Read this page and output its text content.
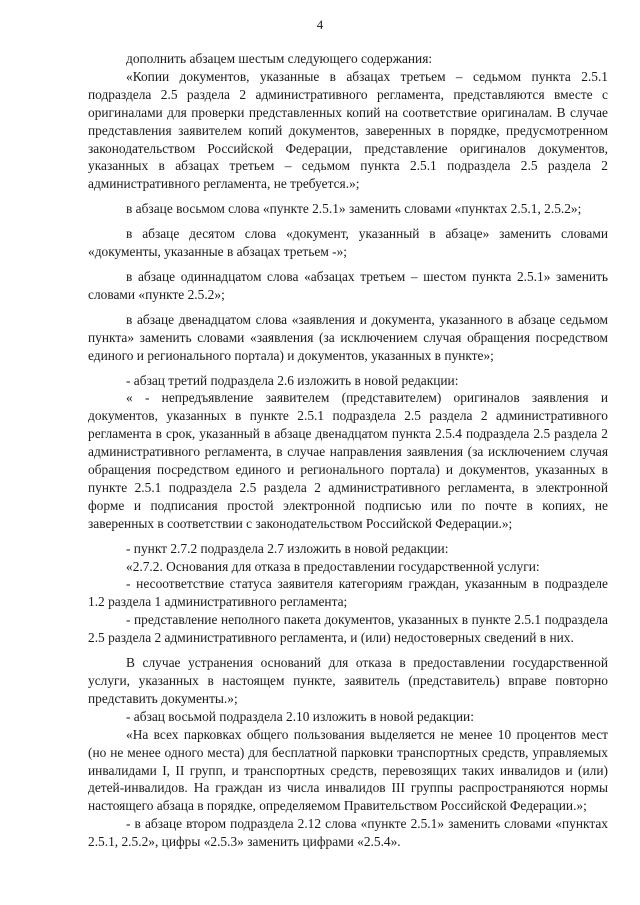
4

дополнить абзацем шестым следующего содержания:

«Копии документов, указанные в абзацах третьем – седьмом пункта 2.5.1 подраздела 2.5 раздела 2 административного регламента, представляются вместе с оригиналами для проверки представленных копий на соответствие оригиналам. В случае представления заявителем копий документов, заверенных в порядке, предусмотренном законодательством Российской Федерации, представление оригиналов документов, указанных в абзацах третьем – седьмом пункта 2.5.1 подраздела 2.5 раздела 2 административного регламента, не требуется.»;

в абзаце восьмом слова «пункте 2.5.1» заменить словами «пунктах 2.5.1, 2.5.2»;

в абзаце десятом слова «документ, указанный в абзаце» заменить словами «документы, указанные в абзацах третьем -»;

в абзаце одиннадцатом слова «абзацах третьем – шестом пункта 2.5.1» заменить словами «пункте 2.5.2»;

в абзаце двенадцатом слова «заявления и документа, указанного в абзаце седьмом пункта» заменить словами «заявления (за исключением случая обращения посредством единого и регионального портала) и документов, указанных в пункте»;

- абзац третий подраздела 2.6 изложить в новой редакции:

« - непредъявление заявителем (представителем) оригиналов заявления и документов, указанных в пункте 2.5.1 подраздела 2.5 раздела 2 административного регламента в срок, указанный в абзаце двенадцатом пункта 2.5.4 подраздела 2.5 раздела 2 административного регламента, в случае направления заявления (за исключением случая обращения посредством единого и регионального портала) и документов, указанных в пункте 2.5.1 подраздела 2.5 раздела 2 административного регламента, в электронной форме и подписания простой электронной подписью или по почте в копиях, не заверенных в соответствии с законодательством Российской Федерации.»;

- пункт 2.7.2 подраздела 2.7 изложить в новой редакции:

«2.7.2. Основания для отказа в предоставлении государственной услуги:

- несоответствие статуса заявителя категориям граждан, указанным в подразделе 1.2 раздела 1 административного регламента;

- представление неполного пакета документов, указанных в пункте 2.5.1 подраздела 2.5 раздела 2 административного регламента, и (или) недостоверных сведений в них.

В случае устранения оснований для отказа в предоставлении государственной услуги, указанных в настоящем пункте, заявитель (представитель) вправе повторно представить документы.»;

- абзац восьмой подраздела 2.10 изложить в новой редакции:

«На всех парковках общего пользования выделяется не менее 10 процентов мест (но не менее одного места) для бесплатной парковки транспортных средств, управляемых инвалидами I, II групп, и транспортных средств, перевозящих таких инвалидов и (или) детей-инвалидов. На граждан из числа инвалидов III группы распространяются нормы настоящего абзаца в порядке, определяемом Правительством Российской Федерации.»;

- в абзаце втором подраздела 2.12 слова «пункте 2.5.1» заменить словами «пунктах 2.5.1, 2.5.2», цифры «2.5.3» заменить цифрами «2.5.4».
